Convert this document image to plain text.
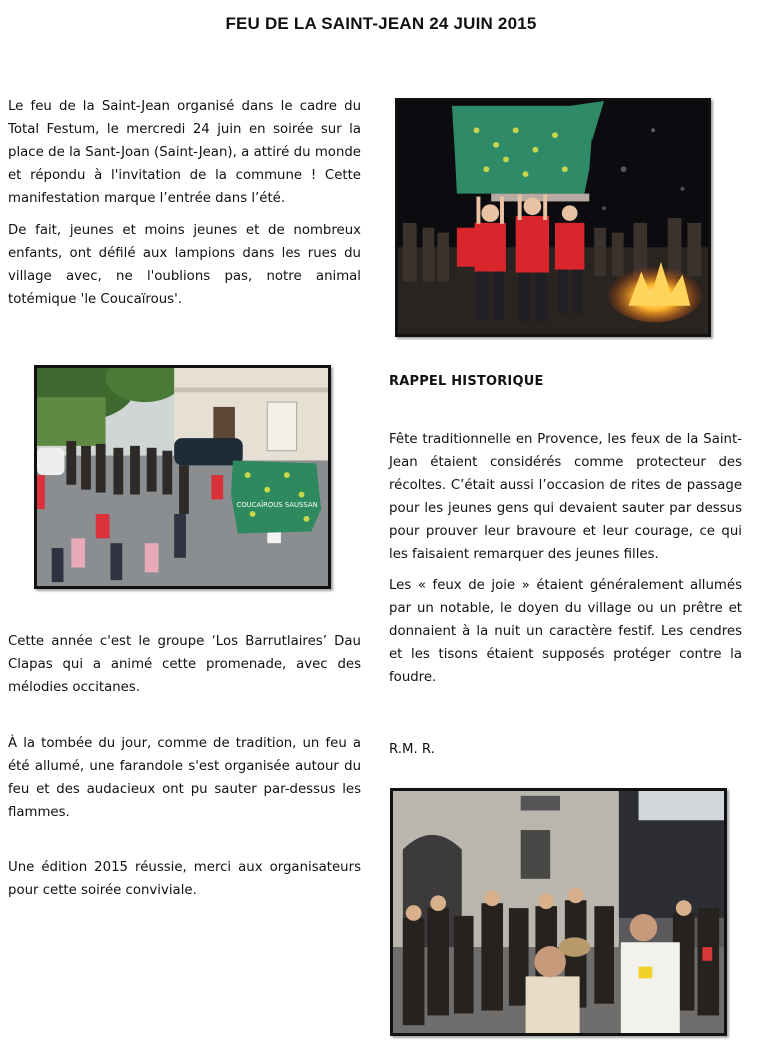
FEU DE LA SAINT-JEAN 24 JUIN 2015

Le feu de la Saint-Jean organisé dans le cadre du Total Festum, le mercredi 24 juin en soirée sur la place de la Sant-Joan (Saint-Jean), a attiré du monde et répondu à l'invitation de la commune ! Cette manifestation marque l’entrée dans l’été.

De fait, jeunes et moins jeunes et de nombreux enfants, ont défilé aux lampions dans les rues du village avec, ne l'oublions pas, notre animal totémique 'le Coucaïrous'.

Cette année c'est le groupe ‘Los Barrutlaires’ Dau Clapas qui a animé cette promenade, avec des mélodies occitanes.

À la tombée du jour, comme de tradition, un feu a été allumé, une farandole s'est organisée autour du feu et des audacieux ont pu sauter par-dessus les flammes.

Une édition 2015 réussie, merci aux organisateurs pour cette soirée conviviale.

RAPPEL HISTORIQUE

Fête traditionnelle en Provence, les feux de la Saint-Jean étaient considérés comme protecteur des récoltes. C’était aussi l’occasion de rites de passage pour les jeunes gens qui devaient sauter par dessus pour prouver leur bravoure et leur courage, ce qui les faisaient remarquer des jeunes filles.

Les « feux de joie » étaient généralement allumés par un notable, le doyen du village ou un prêtre et donnaient à la nuit un caractère festif. Les cendres et les tisons étaient supposés protéger contre la foudre.

R.M. R.
COUCAÏROUS SAUSSAN
